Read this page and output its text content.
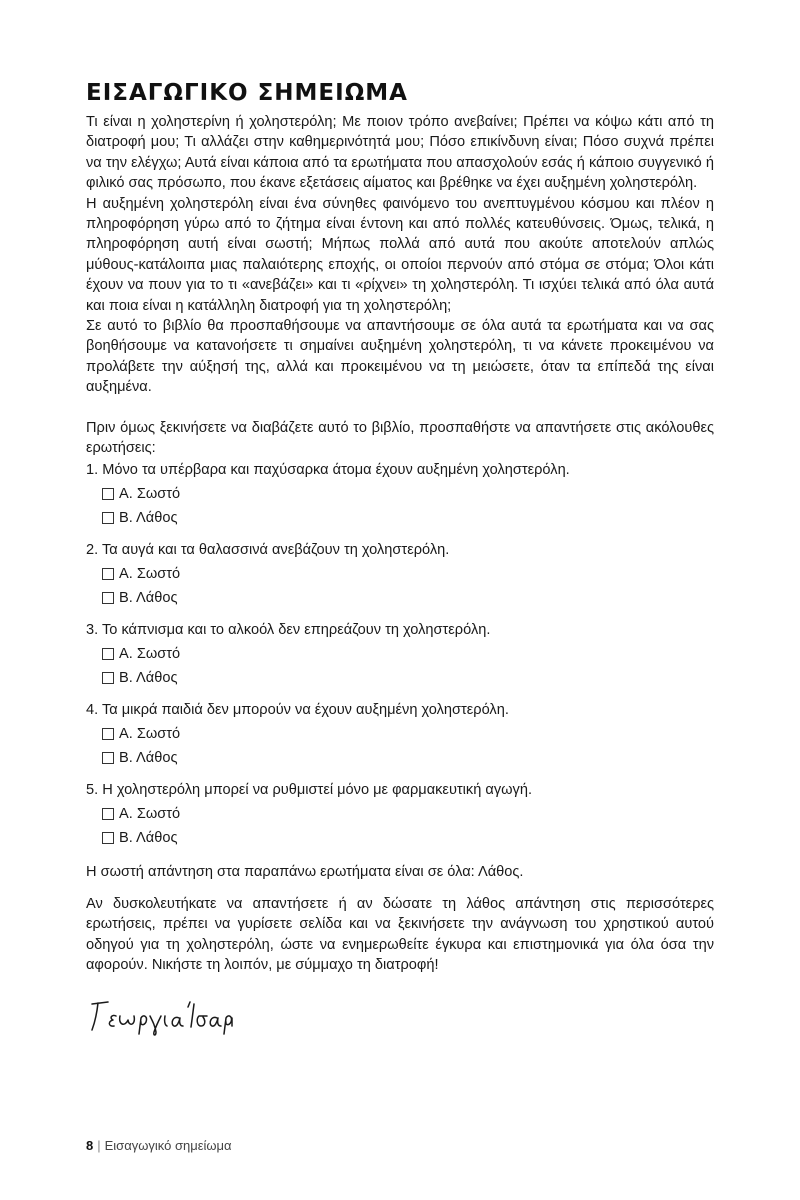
ΕΙΣΑΓΩΓΙΚΟ ΣΗΜΕΙΩΜΑ

Τι είναι η χοληστερίνη ή χοληστερόλη; Με ποιον τρόπο ανεβαίνει; Πρέπει να κόψω κάτι από τη διατροφή μου; Τι αλλάζει στην καθημερινότητά μου; Πόσο επικίνδυνη είναι; Πόσο συχνά πρέπει να την ελέγχω; Αυτά είναι κάποια από τα ερωτήματα που απασχολούν εσάς ή κάποιο συγγενικό ή φιλικό σας πρόσωπο, που έκανε εξετάσεις αίματος και βρέθηκε να έχει αυξημένη χοληστερόλη.

Η αυξημένη χοληστερόλη είναι ένα σύνηθες φαινόμενο του ανεπτυγμένου κόσμου και πλέον η πληροφόρηση γύρω από το ζήτημα είναι έντονη και από πολλές κατευθύνσεις. Όμως, τελικά, η πληροφόρηση αυτή είναι σωστή; Μήπως πολλά από αυτά που ακούτε αποτελούν απλώς μύθους-κατάλοιπα μιας παλαιότερης εποχής, οι οποίοι περνούν από στόμα σε στόμα; Όλοι κάτι έχουν να πουν για το τι «ανεβάζει» και τι «ρίχνει» τη χοληστερόλη. Τι ισχύει τελικά από όλα αυτά και ποια είναι η κατάλληλη διατροφή για τη χοληστερόλη;

Σε αυτό το βιβλίο θα προσπαθήσουμε να απαντήσουμε σε όλα αυτά τα ερωτήματα και να σας βοηθήσουμε να κατανοήσετε τι σημαίνει αυξημένη χοληστερόλη, τι να κάνετε προκειμένου να προλάβετε την αύξησή της, αλλά και προκειμένου να τη μειώσετε, όταν τα επίπεδά της είναι αυξημένα.

Πριν όμως ξεκινήσετε να διαβάζετε αυτό το βιβλίο, προσπαθήστε να απαντήσετε στις ακόλουθες ερωτήσεις:

1. Μόνο τα υπέρβαρα και παχύσαρκα άτομα έχουν αυξημένη χοληστερόλη.
Α. Σωστό
Β. Λάθος
2. Τα αυγά και τα θαλασσινά ανεβάζουν τη χοληστερόλη.
Α. Σωστό
Β. Λάθος
3. Το κάπνισμα και το αλκοόλ δεν επηρεάζουν τη χοληστερόλη.
Α. Σωστό
Β. Λάθος
4. Τα μικρά παιδιά δεν μπορούν να έχουν αυξημένη χοληστερόλη.
Α. Σωστό
Β. Λάθος
5. Η χοληστερόλη μπορεί να ρυθμιστεί μόνο με φαρμακευτική αγωγή.
Α. Σωστό
Β. Λάθος

Η σωστή απάντηση στα παραπάνω ερωτήματα είναι σε όλα: Λάθος.

Αν δυσκολευτήκατε να απαντήσετε ή αν δώσατε τη λάθος απάντηση στις περισσότερες ερωτήσεις, πρέπει να γυρίσετε σελίδα και να ξεκινήσετε την ανάγνωση του χρηστικού αυτού οδηγού για τη χοληστερόλη, ώστε να ενημερωθείτε έγκυρα και επιστημονικά για όλα όσα την αφορούν. Νικήστε τη λοιπόν, με σύμμαχο τη διατροφή!

8 | Εισαγωγικό σημείωμα
